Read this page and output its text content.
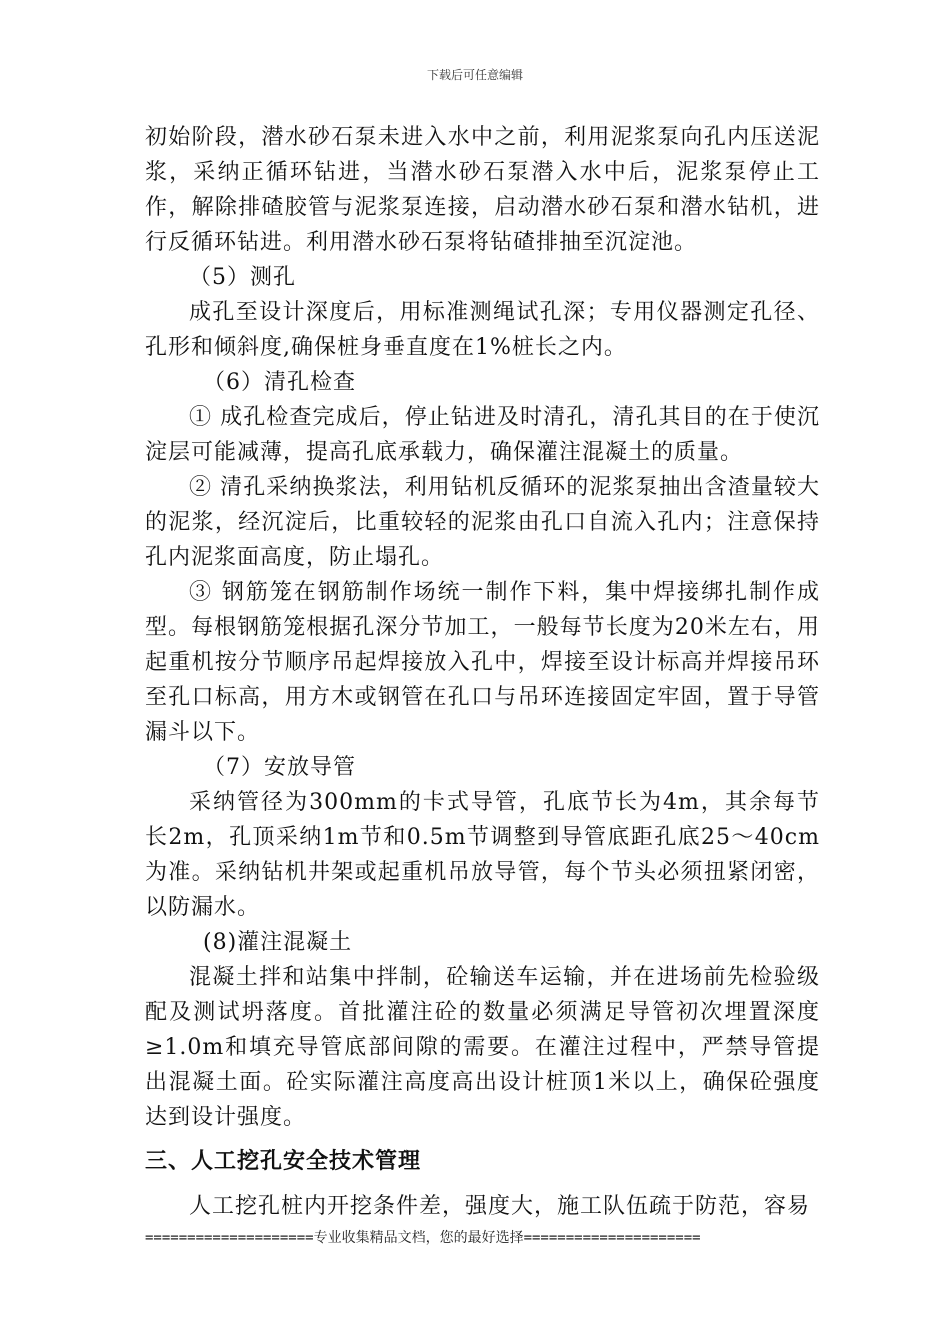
下载后可任意编辑

初始阶段，潜水砂石泵未进入水中之前，利用泥浆泵向孔内压送泥浆，采纳正循环钻进，当潜水砂石泵潜入水中后，泥浆泵停止工作，解除排碴胶管与泥浆泵连接，启动潜水砂石泵和潜水钻机，进行反循环钻进。利用潜水砂石泵将钻碴排抽至沉淀池。

（5）测孔

成孔至设计深度后，用标准测绳试孔深；专用仪器测定孔径、孔形和倾斜度,确保桩身垂直度在1%桩长之内。

（6）清孔检查

① 成孔检查完成后，停止钻进及时清孔，清孔其目的在于使沉淀层可能减薄，提高孔底承载力，确保灌注混凝土的质量。

② 清孔采纳换浆法，利用钻机反循环的泥浆泵抽出含渣量较大的泥浆，经沉淀后，比重较轻的泥浆由孔口自流入孔内；注意保持孔内泥浆面高度，防止塌孔。

③ 钢筋笼在钢筋制作场统一制作下料，集中焊接绑扎制作成型。每根钢筋笼根据孔深分节加工，一般每节长度为20米左右，用起重机按分节顺序吊起焊接放入孔中，焊接至设计标高并焊接吊环至孔口标高，用方木或钢管在孔口与吊环连接固定牢固，置于导管漏斗以下。

（7）安放导管

采纳管径为300mm的卡式导管，孔底节长为4m，其余每节长2m，孔顶采纳1m节和0.5m节调整到导管底距孔底25～40cm为准。采纳钻机井架或起重机吊放导管，每个节头必须扭紧闭密，以防漏水。

(8)灌注混凝土

混凝土拌和站集中拌制，砼输送车运输，并在进场前先检验级配及测试坍落度。首批灌注砼的数量必须满足导管初次埋置深度≥1.0m和填充导管底部间隙的需要。在灌注过程中，严禁导管提出混凝土面。砼实际灌注高度高出设计桩顶1米以上，确保砼强度达到设计强度。

三、人工挖孔安全技术管理

人工挖孔桩内开挖条件差，强度大，施工队伍疏于防范，容易

====================专业收集精品文档，您的最好选择=====================
